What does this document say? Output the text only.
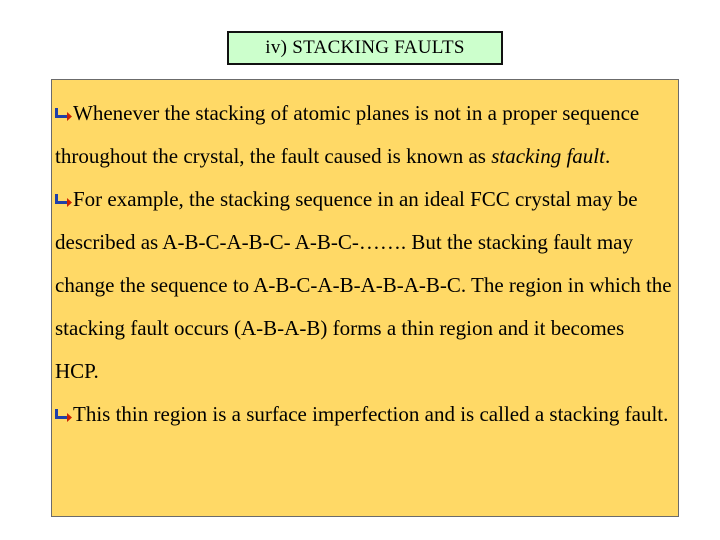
iv) STACKING FAULTS

Whenever the stacking of atomic planes is not in a proper sequence throughout the crystal, the fault caused is known as stacking fault.

For example, the stacking sequence in an ideal FCC crystal may be described as A-B-C-A-B-C- A-B-C-……. But the stacking fault may change the sequence to A-B-C-A-B-A-B-A-B-C. The region in which the stacking fault occurs (A-B-A-B) forms a thin region and it becomes HCP.

This thin region is a surface imperfection and is called a stacking fault.
